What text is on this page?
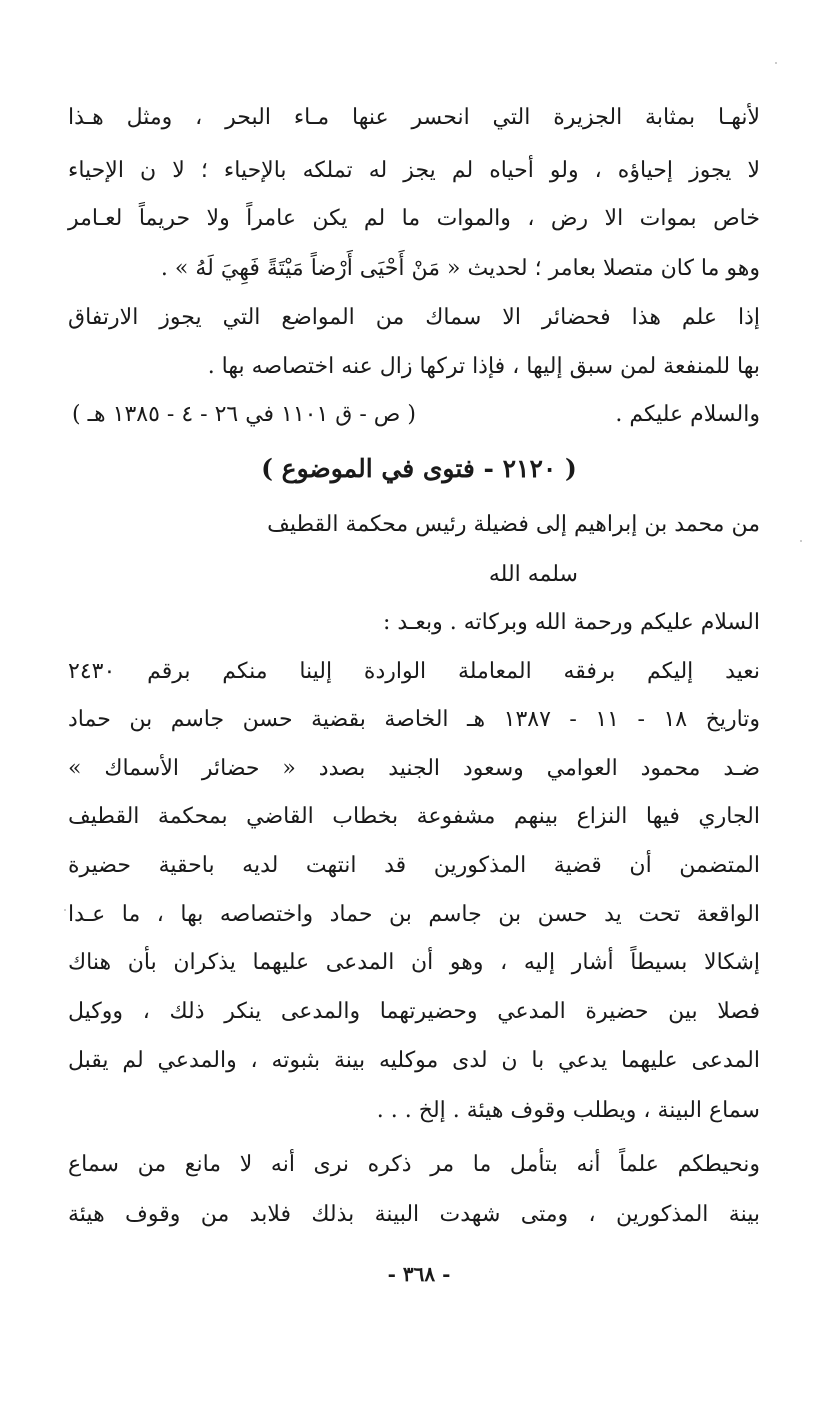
لأنهـا بمثابة الجزيرة التي انحسر عنها مـاء البحر ، ومثل هـذا
لا يجوز إحياؤه ، ولو أحياه لم يجز له تملكه بالإحياء ؛ لا ن الإحياء
خاص بموات الا رض ، والموات ما لم يكن عامراً ولا حريماً لعـامر
وهو ما كان متصلا بعامر ؛ لحديث « مَنْ أَحْيَى أَرْضاً مَيْتَةً فَهِيَ لَهُ » .
إذا علم هذا فحضائر الا سماك من المواضع التي يجوز الارتفاق
بها للمنفعة لمن سبق إليها ، فإذا تركها زال عنه اختصاصه بها .
والسلام عليكم .
( ص - ق ١١٠١ في ٢٦ - ٤ - ١٣٨٥ هـ )
( ٢١٢٠ - فتوى في الموضوع )
من محمد بن إبراهيم إلى فضيلة رئيس محكمة القطيف
سلمه الله
السلام عليكم ورحمة الله وبركاته . وبعـد :
نعيد إليكم برفقه المعاملة الواردة إلينا منكم برقم ٢٤٣٠
وتاريخ ١٨ - ١١ - ١٣٨٧ هـ الخاصة بقضية حسن جاسم بن حماد
ضـد محمود العوامي وسعود الجنيد بصدد « حضائر الأسماك »
الجاري فيها النزاع بينهم مشفوعة بخطاب القاضي بمحكمة القطيف
المتضمن أن قضية المذكورين قد انتهت لديه باحقية حضيرة
الواقعة تحت يد حسن بن جاسم بن حماد واختصاصه بها ، ما عـدا
إشكالا بسيطاً أشار إليه ، وهو أن المدعى عليهما يذكران بأن هناك
فصلا بين حضيرة المدعي وحضيرتهما والمدعى ينكر ذلك ، ووكيل
المدعى عليهما يدعي با ن لدى موكليه بينة بثبوته ، والمدعي لم يقبل
سماع البينة ، ويطلب وقوف هيئة . إلخ . . .
ونحيطكم علماً أنه بتأمل ما مر ذكره نرى أنه لا مانع من سماع
بينة المذكورين ، ومتى شهدت البينة بذلك فلابد من وقوف هيئة
- ٣٦٨ -
